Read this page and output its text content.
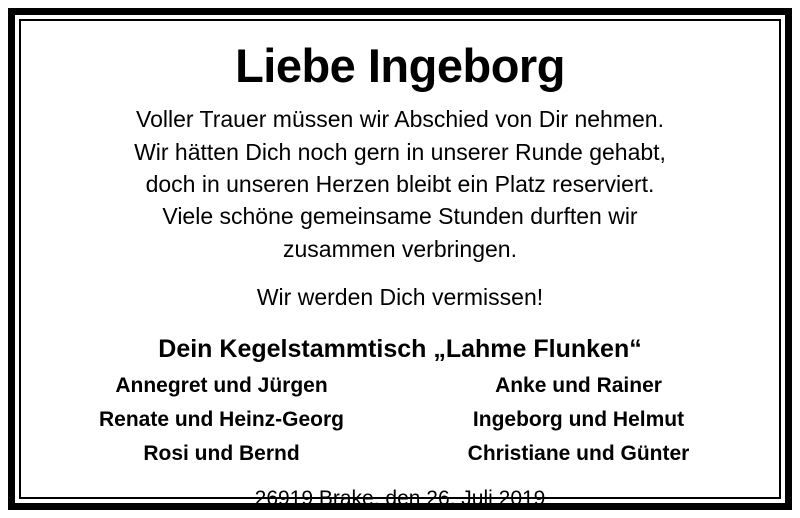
Liebe Ingeborg
Voller Trauer müssen wir Abschied von Dir nehmen.
Wir hätten Dich noch gern in unserer Runde gehabt,
doch in unseren Herzen bleibt ein Platz reserviert.
Viele schöne gemeinsame Stunden durften wir
zusammen verbringen.
Wir werden Dich vermissen!
Dein Kegelstammtisch „Lahme Flunken“
Annegret und Jürgen	Anke und Rainer
Renate und Heinz-Georg	Ingeborg und Helmut
Rosi und Bernd	Christiane und Günter
26919 Brake, den 26. Juli 2019
